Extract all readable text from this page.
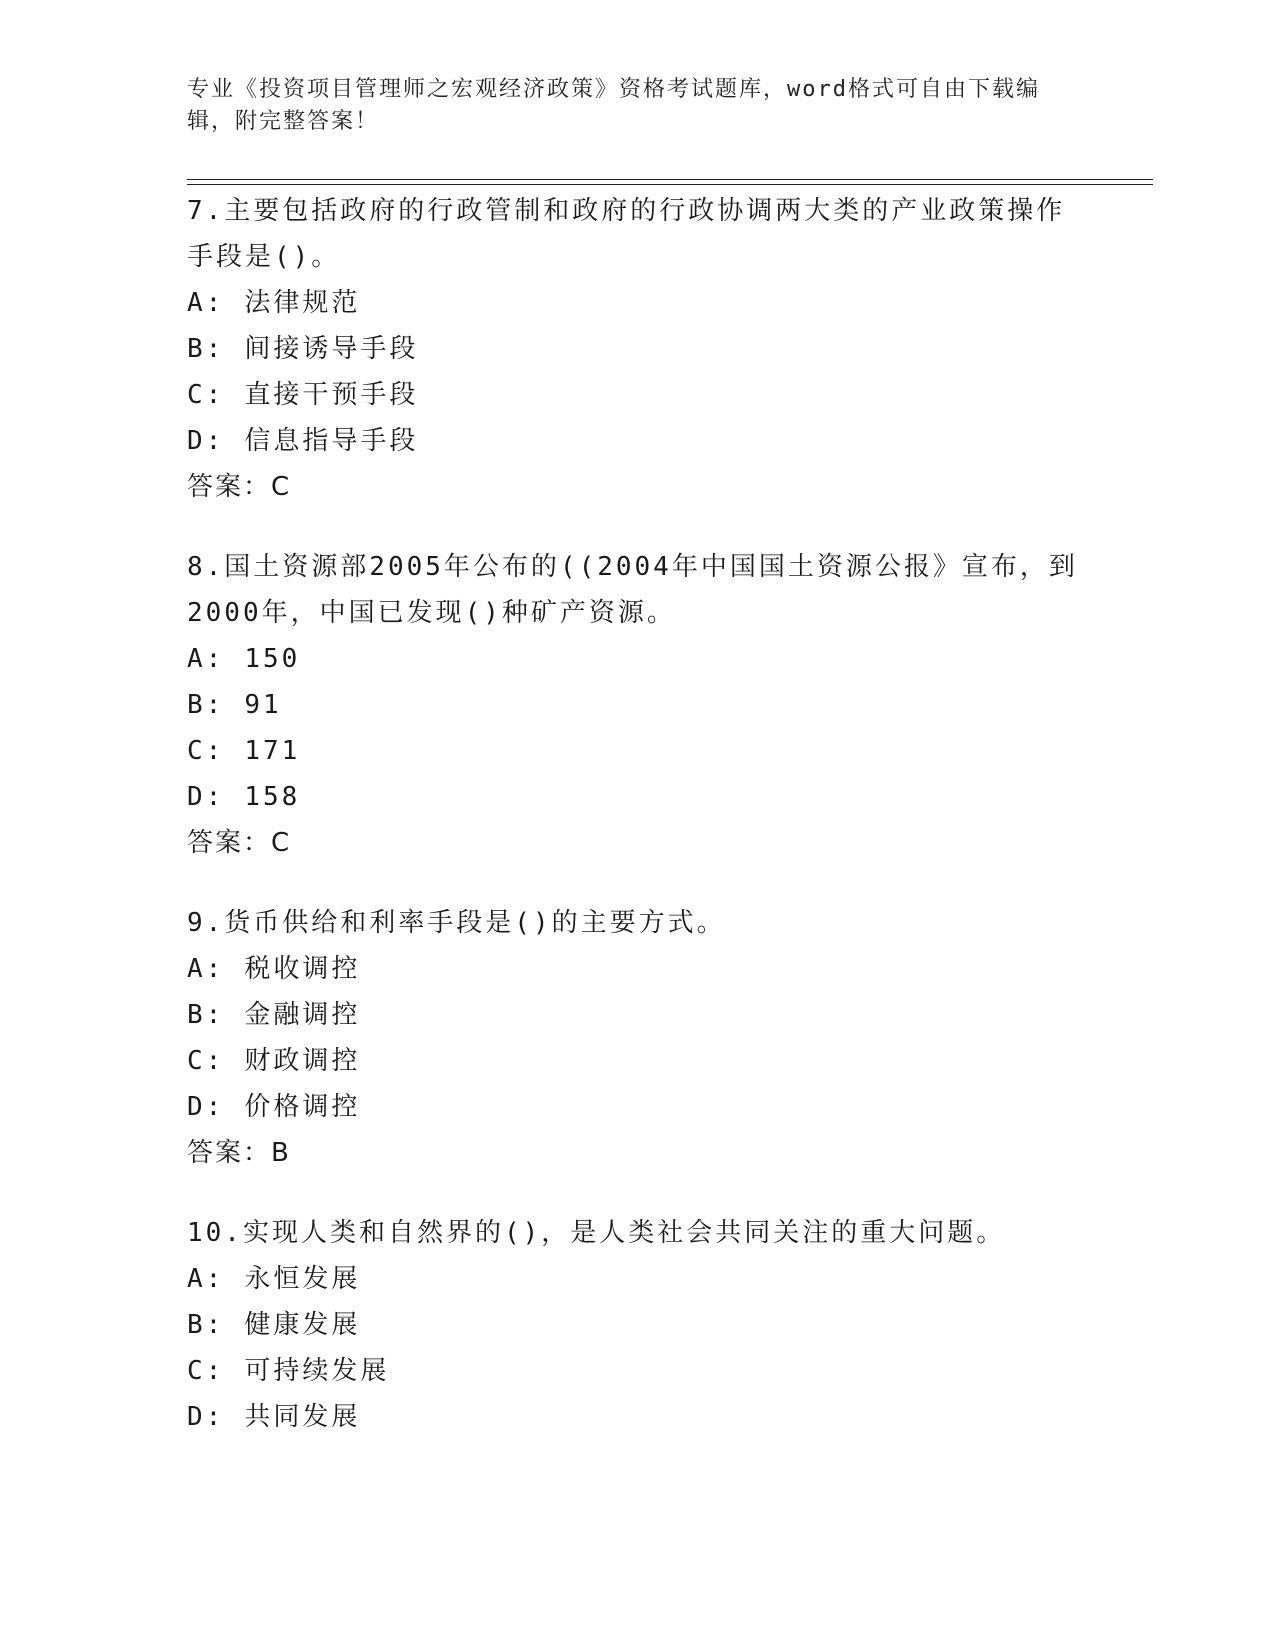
专业《投资项目管理师之宏观经济政策》资格考试题库，word格式可自由下载编
辑，附完整答案！
7.主要包括政府的行政管制和政府的行政协调两大类的产业政策操作
手段是()。
A: 法律规范
B: 间接诱导手段
C: 直接干预手段
D: 信息指导手段
答案：C
8.国土资源部2005年公布的((2004年中国国土资源公报》宣布，到
2000年，中国已发现()种矿产资源。
A: 150
B: 91
C: 171
D: 158
答案：C
9.货币供给和利率手段是()的主要方式。
A: 税收调控
B: 金融调控
C: 财政调控
D: 价格调控
答案：B
10.实现人类和自然界的()，是人类社会共同关注的重大问题。
A: 永恒发展
B: 健康发展
C: 可持续发展
D: 共同发展
